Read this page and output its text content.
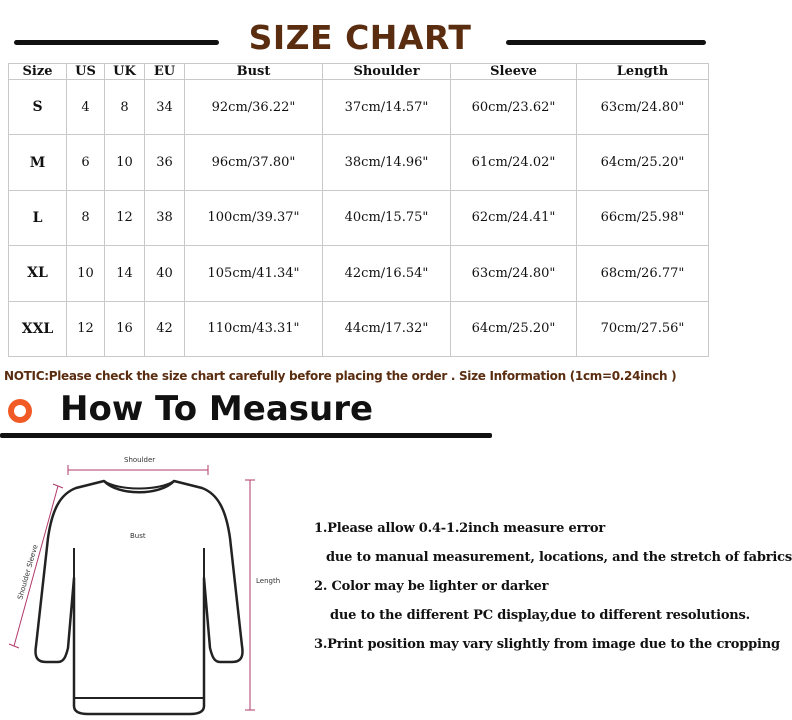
SIZE CHART
Size	US	UK	EU	Bust	Shoulder	Sleeve	Length
S	4	8	34	92cm/36.22"	37cm/14.57"	60cm/23.62"	63cm/24.80"
M	6	10	36	96cm/37.80"	38cm/14.96"	61cm/24.02"	64cm/25.20"
L	8	12	38	100cm/39.37"	40cm/15.75"	62cm/24.41"	66cm/25.98"
XL	10	14	40	105cm/41.34"	42cm/16.54"	63cm/24.80"	68cm/26.77"
XXL	12	16	42	110cm/43.31"	44cm/17.32"	64cm/25.20"	70cm/27.56"
NOTIC:Please check the size chart carefully before placing the order . Size Information (1cm=0.24inch )
How To Measure
Shoulder
Bust
Length
Shoulder Sleeve
1.Please allow 0.4-1.2inch measure error
due to manual measurement, locations, and the stretch of fabrics
2. Color may be lighter or darker
due to the different PC display,due to different resolutions.
3.Print position may vary slightly from image due to the cropping
